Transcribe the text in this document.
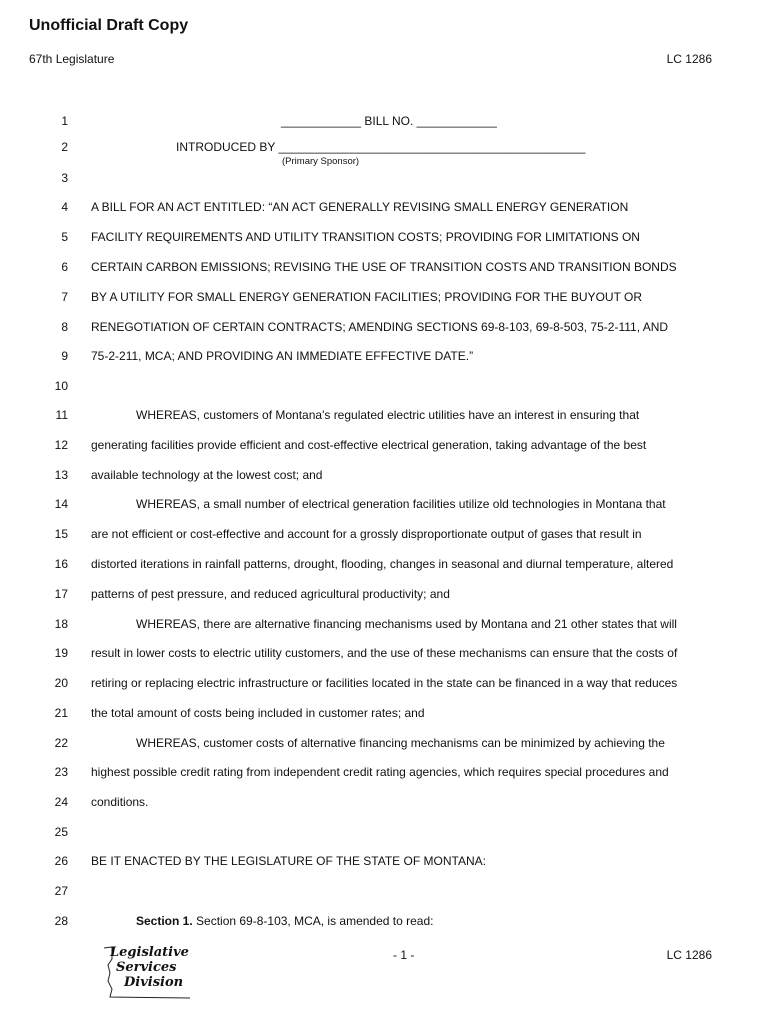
Unofficial Draft Copy
67th Legislature	LC 1286
1	____________ BILL NO. ____________
2	INTRODUCED BY ______________________________________________
(Primary Sponsor)
3
4 A BILL FOR AN ACT ENTITLED: “AN ACT GENERALLY REVISING SMALL ENERGY GENERATION
5 FACILITY REQUIREMENTS AND UTILITY TRANSITION COSTS; PROVIDING FOR LIMITATIONS ON
6 CERTAIN CARBON EMISSIONS; REVISING THE USE OF TRANSITION COSTS AND TRANSITION BONDS
7 BY A UTILITY FOR SMALL ENERGY GENERATION FACILITIES; PROVIDING FOR THE BUYOUT OR
8 RENEGOTIATION OF CERTAIN CONTRACTS; AMENDING SECTIONS 69-8-103, 69-8-503, 75-2-111, AND
9 75-2-211, MCA; AND PROVIDING AN IMMEDIATE EFFECTIVE DATE.”
10
11	WHEREAS, customers of Montana's regulated electric utilities have an interest in ensuring that
12 generating facilities provide efficient and cost-effective electrical generation, taking advantage of the best
13 available technology at the lowest cost; and
14	WHEREAS, a small number of electrical generation facilities utilize old technologies in Montana that
15 are not efficient or cost-effective and account for a grossly disproportionate output of gases that result in
16 distorted iterations in rainfall patterns, drought, flooding, changes in seasonal and diurnal temperature, altered
17 patterns of pest pressure, and reduced agricultural productivity; and
18	WHEREAS, there are alternative financing mechanisms used by Montana and 21 other states that will
19 result in lower costs to electric utility customers, and the use of these mechanisms can ensure that the costs of
20 retiring or replacing electric infrastructure or facilities located in the state can be financed in a way that reduces
21 the total amount of costs being included in customer rates; and
22	WHEREAS, customer costs of alternative financing mechanisms can be minimized by achieving the
23 highest possible credit rating from independent credit rating agencies, which requires special procedures and
24 conditions.
25
26 BE IT ENACTED BY THE LEGISLATURE OF THE STATE OF MONTANA:
27
28	Section 1. Section 69-8-103, MCA, is amended to read:
Legislative
Services
Division
- 1 -	LC 1286
